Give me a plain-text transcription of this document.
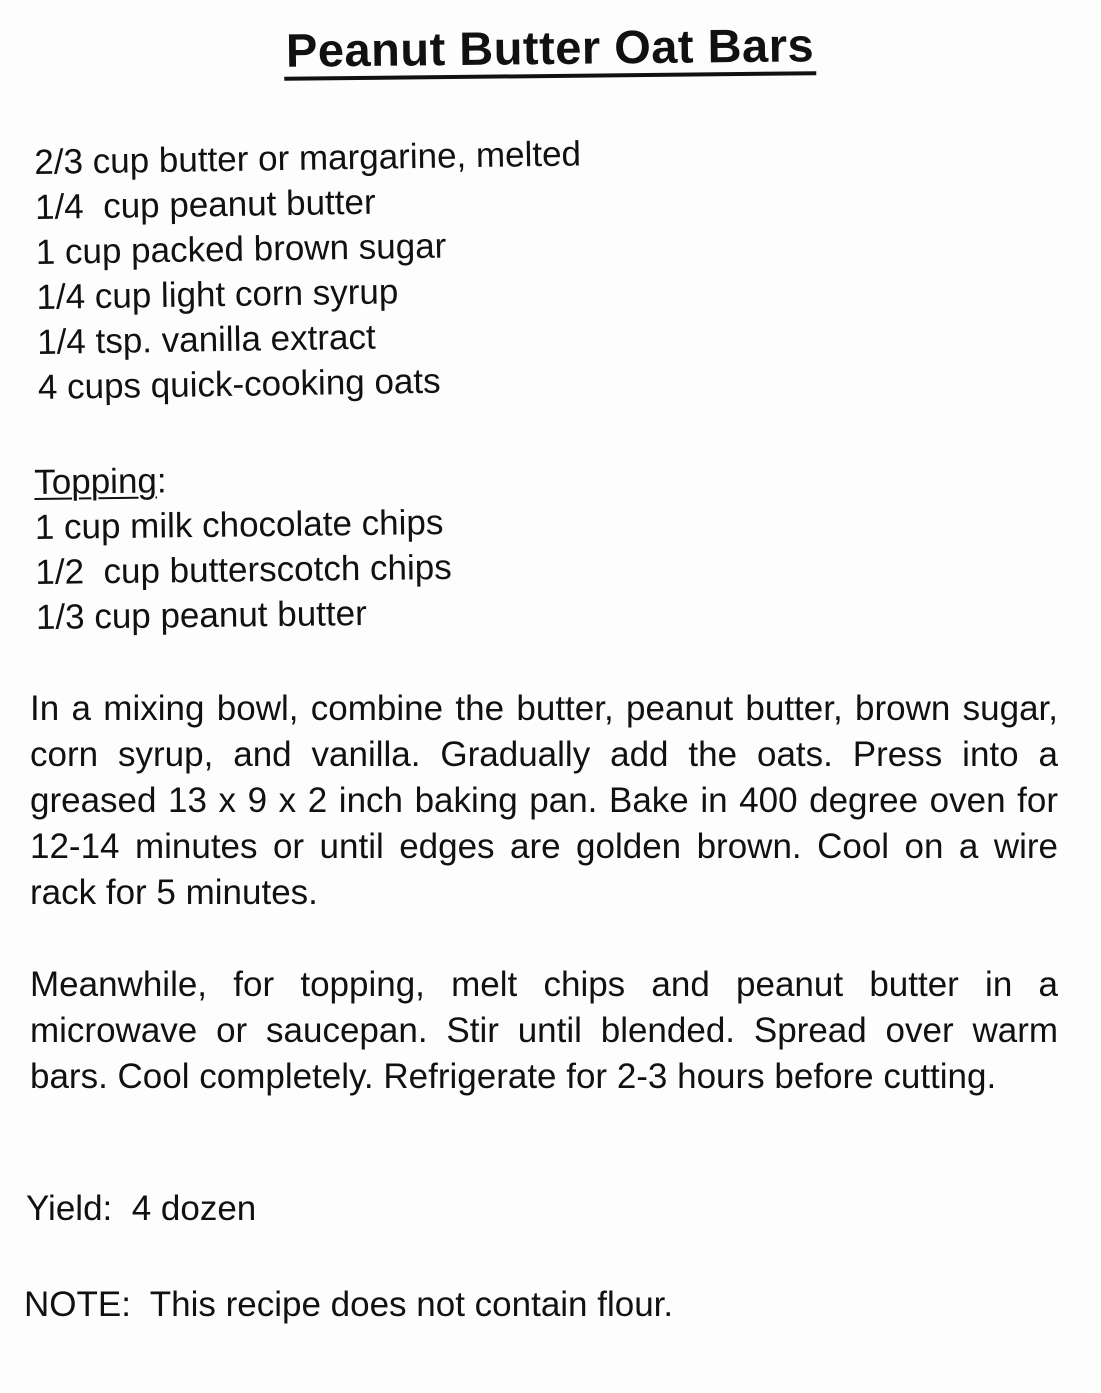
Peanut Butter Oat Bars
2/3 cup butter or margarine, melted
1/4  cup peanut butter
1 cup packed brown sugar
1/4 cup light corn syrup
1/4 tsp. vanilla extract
4 cups quick-cooking oats
Topping:
1 cup milk chocolate chips
1/2  cup butterscotch chips
1/3 cup peanut butter

In a mixing bowl, combine the butter, peanut butter, brown sugar, corn syrup, and vanilla. Gradually add the oats. Press into a greased 13 x 9 x 2 inch baking pan. Bake in 400 degree oven for 12-14 minutes or until edges are golden brown. Cool on a wire rack for 5 minutes.

Meanwhile, for topping, melt chips and peanut butter in a microwave or saucepan. Stir until blended. Spread over warm bars. Cool completely. Refrigerate for 2-3 hours before cutting.

Yield:  4 dozen
NOTE:  This recipe does not contain flour.
